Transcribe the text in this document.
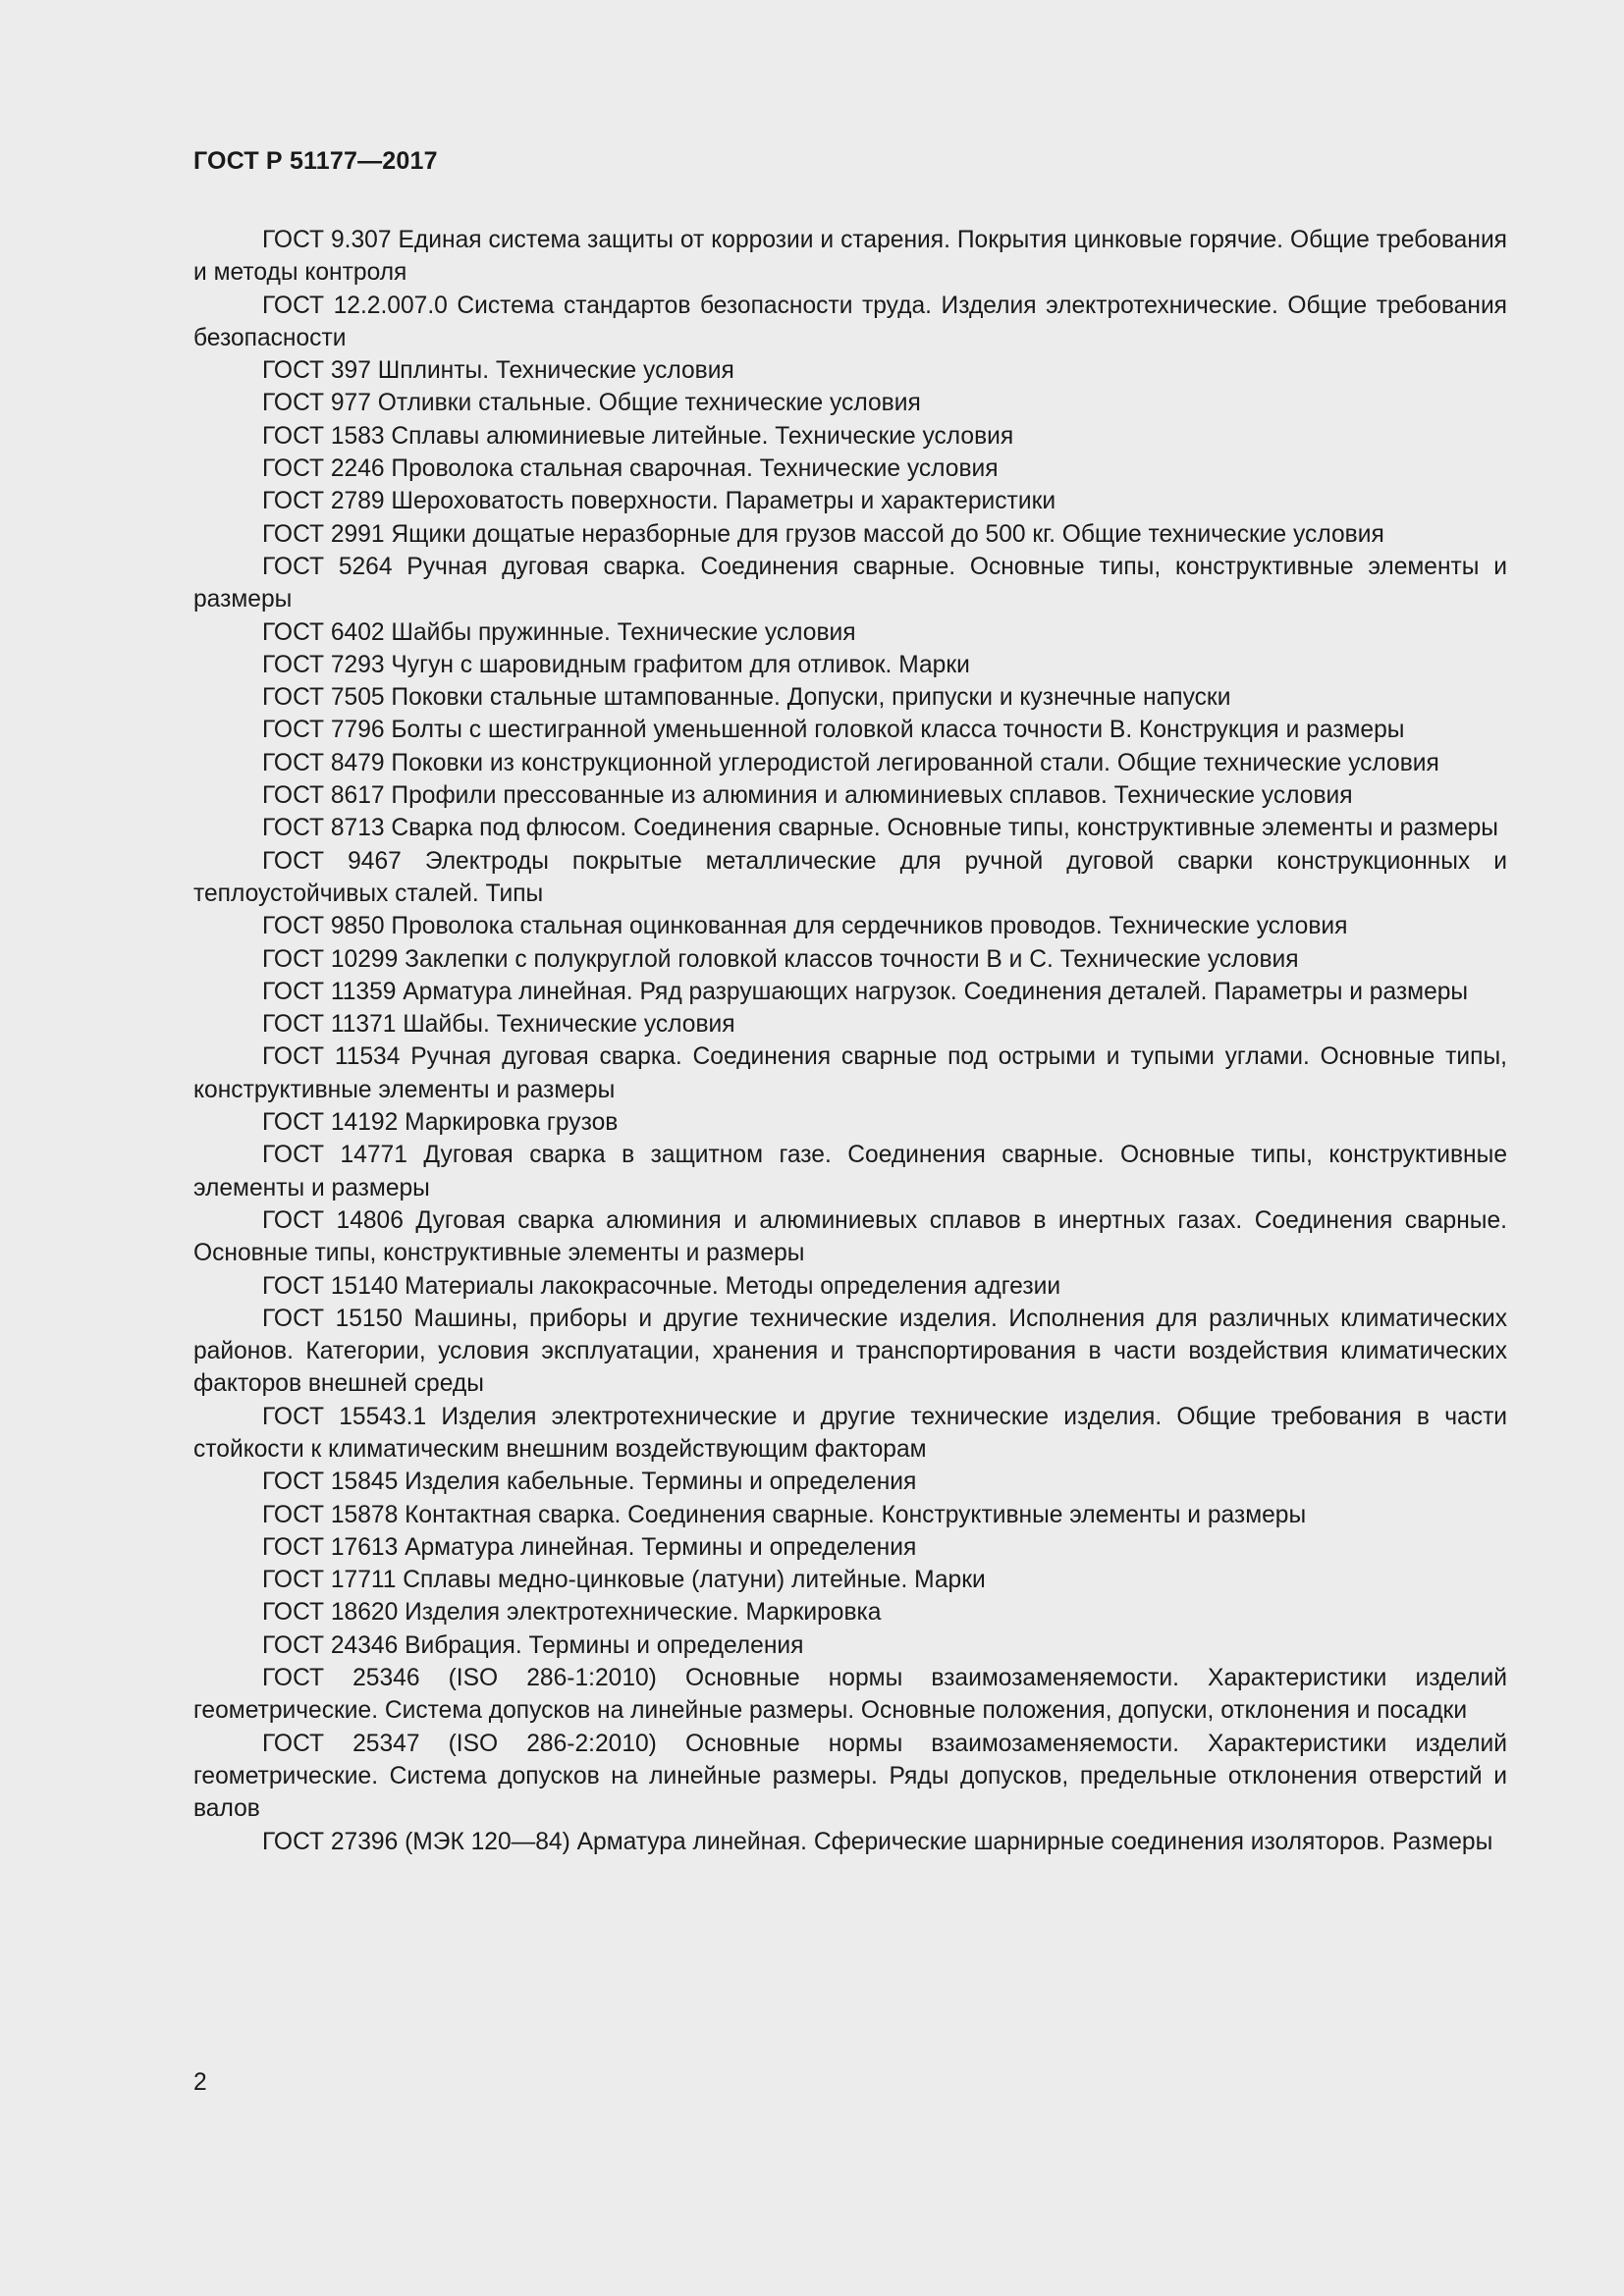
ГОСТ Р 51177—2017
ГОСТ 9.307 Единая система защиты от коррозии и старения. Покрытия цинковые горячие. Общие требования и методы контроля
ГОСТ 12.2.007.0 Система стандартов безопасности труда. Изделия электротехнические. Общие требования безопасности
ГОСТ 397 Шплинты. Технические условия
ГОСТ 977 Отливки стальные. Общие технические условия
ГОСТ 1583 Сплавы алюминиевые литейные. Технические условия
ГОСТ 2246 Проволока стальная сварочная. Технические условия
ГОСТ 2789 Шероховатость поверхности. Параметры и характеристики
ГОСТ 2991 Ящики дощатые неразборные для грузов массой до 500 кг. Общие технические условия
ГОСТ 5264 Ручная дуговая сварка. Соединения сварные. Основные типы, конструктивные элементы и размеры
ГОСТ 6402 Шайбы пружинные. Технические условия
ГОСТ 7293 Чугун с шаровидным графитом для отливок. Марки
ГОСТ 7505 Поковки стальные штампованные. Допуски, припуски и кузнечные напуски
ГОСТ 7796 Болты с шестигранной уменьшенной головкой класса точности В. Конструкция и размеры
ГОСТ 8479 Поковки из конструкционной углеродистой легированной стали. Общие технические условия
ГОСТ 8617 Профили прессованные из алюминия и алюминиевых сплавов. Технические условия
ГОСТ 8713 Сварка под флюсом. Соединения сварные. Основные типы, конструктивные элементы и размеры
ГОСТ 9467 Электроды покрытые металлические для ручной дуговой сварки конструкционных и теплоустойчивых сталей. Типы
ГОСТ 9850 Проволока стальная оцинкованная для сердечников проводов. Технические условия
ГОСТ 10299 Заклепки с полукруглой головкой классов точности В и С. Технические условия
ГОСТ 11359 Арматура линейная. Ряд разрушающих нагрузок. Соединения деталей. Параметры и размеры
ГОСТ 11371 Шайбы. Технические условия
ГОСТ 11534 Ручная дуговая сварка. Соединения сварные под острыми и тупыми углами. Основные типы, конструктивные элементы и размеры
ГОСТ 14192 Маркировка грузов
ГОСТ 14771 Дуговая сварка в защитном газе. Соединения сварные. Основные типы, конструктивные элементы и размеры
ГОСТ 14806 Дуговая сварка алюминия и алюминиевых сплавов в инертных газах. Соединения сварные. Основные типы, конструктивные элементы и размеры
ГОСТ 15140 Материалы лакокрасочные. Методы определения адгезии
ГОСТ 15150 Машины, приборы и другие технические изделия. Исполнения для различных климатических районов. Категории, условия эксплуатации, хранения и транспортирования в части воздействия климатических факторов внешней среды
ГОСТ 15543.1 Изделия электротехнические и другие технические изделия. Общие требования в части стойкости к климатическим внешним воздействующим факторам
ГОСТ 15845 Изделия кабельные. Термины и определения
ГОСТ 15878 Контактная сварка. Соединения сварные. Конструктивные элементы и размеры
ГОСТ 17613 Арматура линейная. Термины и определения
ГОСТ 17711 Сплавы медно-цинковые (латуни) литейные. Марки
ГОСТ 18620 Изделия электротехнические. Маркировка
ГОСТ 24346 Вибрация. Термины и определения
ГОСТ 25346 (ISO 286-1:2010) Основные нормы взаимозаменяемости. Характеристики изделий геометрические. Система допусков на линейные размеры. Основные положения, допуски, отклонения и посадки
ГОСТ 25347 (ISO 286-2:2010) Основные нормы взаимозаменяемости. Характеристики изделий геометрические. Система допусков на линейные размеры. Ряды допусков, предельные отклонения отверстий и валов
ГОСТ 27396 (МЭК 120—84) Арматура линейная. Сферические шарнирные соединения изоляторов. Размеры
2
